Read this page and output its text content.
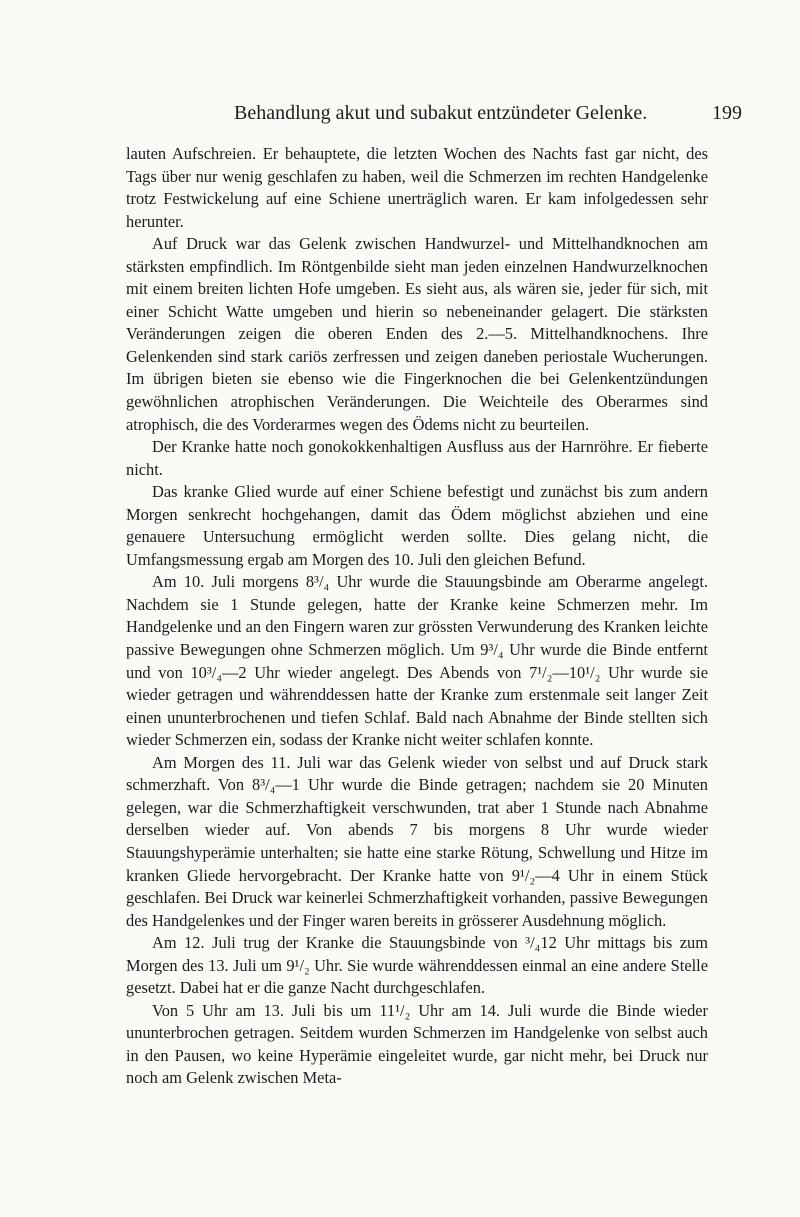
Behandlung akut und subakut entzündeter Gelenke.	199

lauten Aufschreien. Er behauptete, die letzten Wochen des Nachts fast gar nicht, des Tags über nur wenig geschlafen zu haben, weil die Schmerzen im rechten Handgelenke trotz Festwickelung auf eine Schiene unerträglich waren. Er kam infolgedessen sehr herunter.

Auf Druck war das Gelenk zwischen Handwurzel- und Mittelhandknochen am stärksten empfindlich. Im Röntgenbilde sieht man jeden einzelnen Handwurzelknochen mit einem breiten lichten Hofe umgeben. Es sieht aus, als wären sie, jeder für sich, mit einer Schicht Watte umgeben und hierin so nebeneinander gelagert. Die stärksten Veränderungen zeigen die oberen Enden des 2.—5. Mittelhandknochens. Ihre Gelenkenden sind stark cariös zerfressen und zeigen daneben periostale Wucherungen. Im übrigen bieten sie ebenso wie die Fingerknochen die bei Gelenkentzündungen gewöhnlichen atrophischen Veränderungen. Die Weichteile des Oberarmes sind atrophisch, die des Vorderarmes wegen des Ödems nicht zu beurteilen.

Der Kranke hatte noch gonokokkenhaltigen Ausfluss aus der Harnröhre. Er fieberte nicht.

Das kranke Glied wurde auf einer Schiene befestigt und zunächst bis zum andern Morgen senkrecht hochgehangen, damit das Ödem möglichst abziehen und eine genauere Untersuchung ermöglicht werden sollte. Dies gelang nicht, die Umfangsmessung ergab am Morgen des 10. Juli den gleichen Befund.

Am 10. Juli morgens 8³/₄ Uhr wurde die Stauungsbinde am Oberarme angelegt. Nachdem sie 1 Stunde gelegen, hatte der Kranke keine Schmerzen mehr. Im Handgelenke und an den Fingern waren zur grössten Verwunderung des Kranken leichte passive Bewegungen ohne Schmerzen möglich. Um 9³/₄ Uhr wurde die Binde entfernt und von 10³/₄—2 Uhr wieder angelegt. Des Abends von 7¹/₂—10¹/₂ Uhr wurde sie wieder getragen und währenddessen hatte der Kranke zum erstenmale seit langer Zeit einen ununterbrochenen und tiefen Schlaf. Bald nach Abnahme der Binde stellten sich wieder Schmerzen ein, sodass der Kranke nicht weiter schlafen konnte.

Am Morgen des 11. Juli war das Gelenk wieder von selbst und auf Druck stark schmerzhaft. Von 8³/₄—1 Uhr wurde die Binde getragen; nachdem sie 20 Minuten gelegen, war die Schmerzhaftigkeit verschwunden, trat aber 1 Stunde nach Abnahme derselben wieder auf. Von abends 7 bis morgens 8 Uhr wurde wieder Stauungshyperämie unterhalten; sie hatte eine starke Rötung, Schwellung und Hitze im kranken Gliede hervorgebracht. Der Kranke hatte von 9¹/₂—4 Uhr in einem Stück geschlafen. Bei Druck war keinerlei Schmerzhaftigkeit vorhanden, passive Bewegungen des Handgelenkes und der Finger waren bereits in grösserer Ausdehnung möglich.

Am 12. Juli trug der Kranke die Stauungsbinde von ³/₄12 Uhr mittags bis zum Morgen des 13. Juli um 9¹/₂ Uhr. Sie wurde währenddessen einmal an eine andere Stelle gesetzt. Dabei hat er die ganze Nacht durchgeschlafen.

Von 5 Uhr am 13. Juli bis um 11¹/₂ Uhr am 14. Juli wurde die Binde wieder ununterbrochen getragen. Seitdem wurden Schmerzen im Handgelenke von selbst auch in den Pausen, wo keine Hyperämie eingeleitet wurde, gar nicht mehr, bei Druck nur noch am Gelenk zwischen Meta-
